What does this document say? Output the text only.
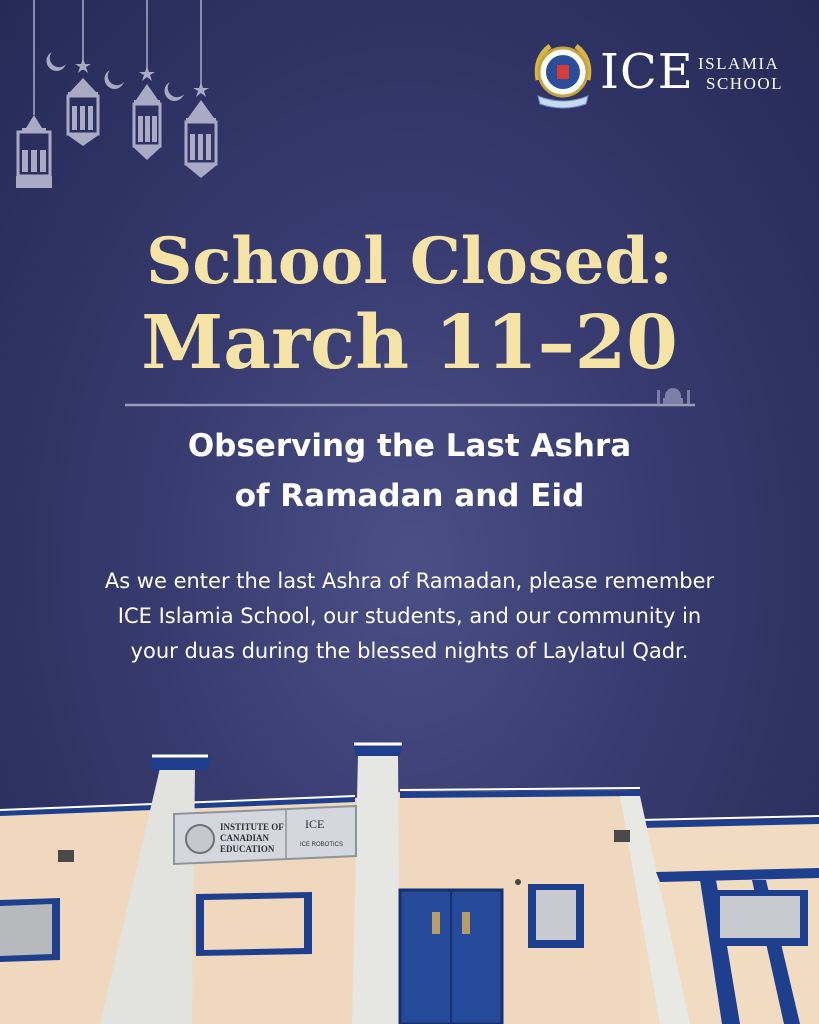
ICE ISLAMIA
SCHOOL
School Closed:
March 11–20
Observing the Last Ashra
of Ramadan and Eid
As we enter the last Ashra of Ramadan, please remember
ICE Islamia School, our students, and our community in
your duas during the blessed nights of Laylatul Qadr.
INSTITUTE OF
CANADIAN
EDUCATION
ICE
ICE ROBOTICS
